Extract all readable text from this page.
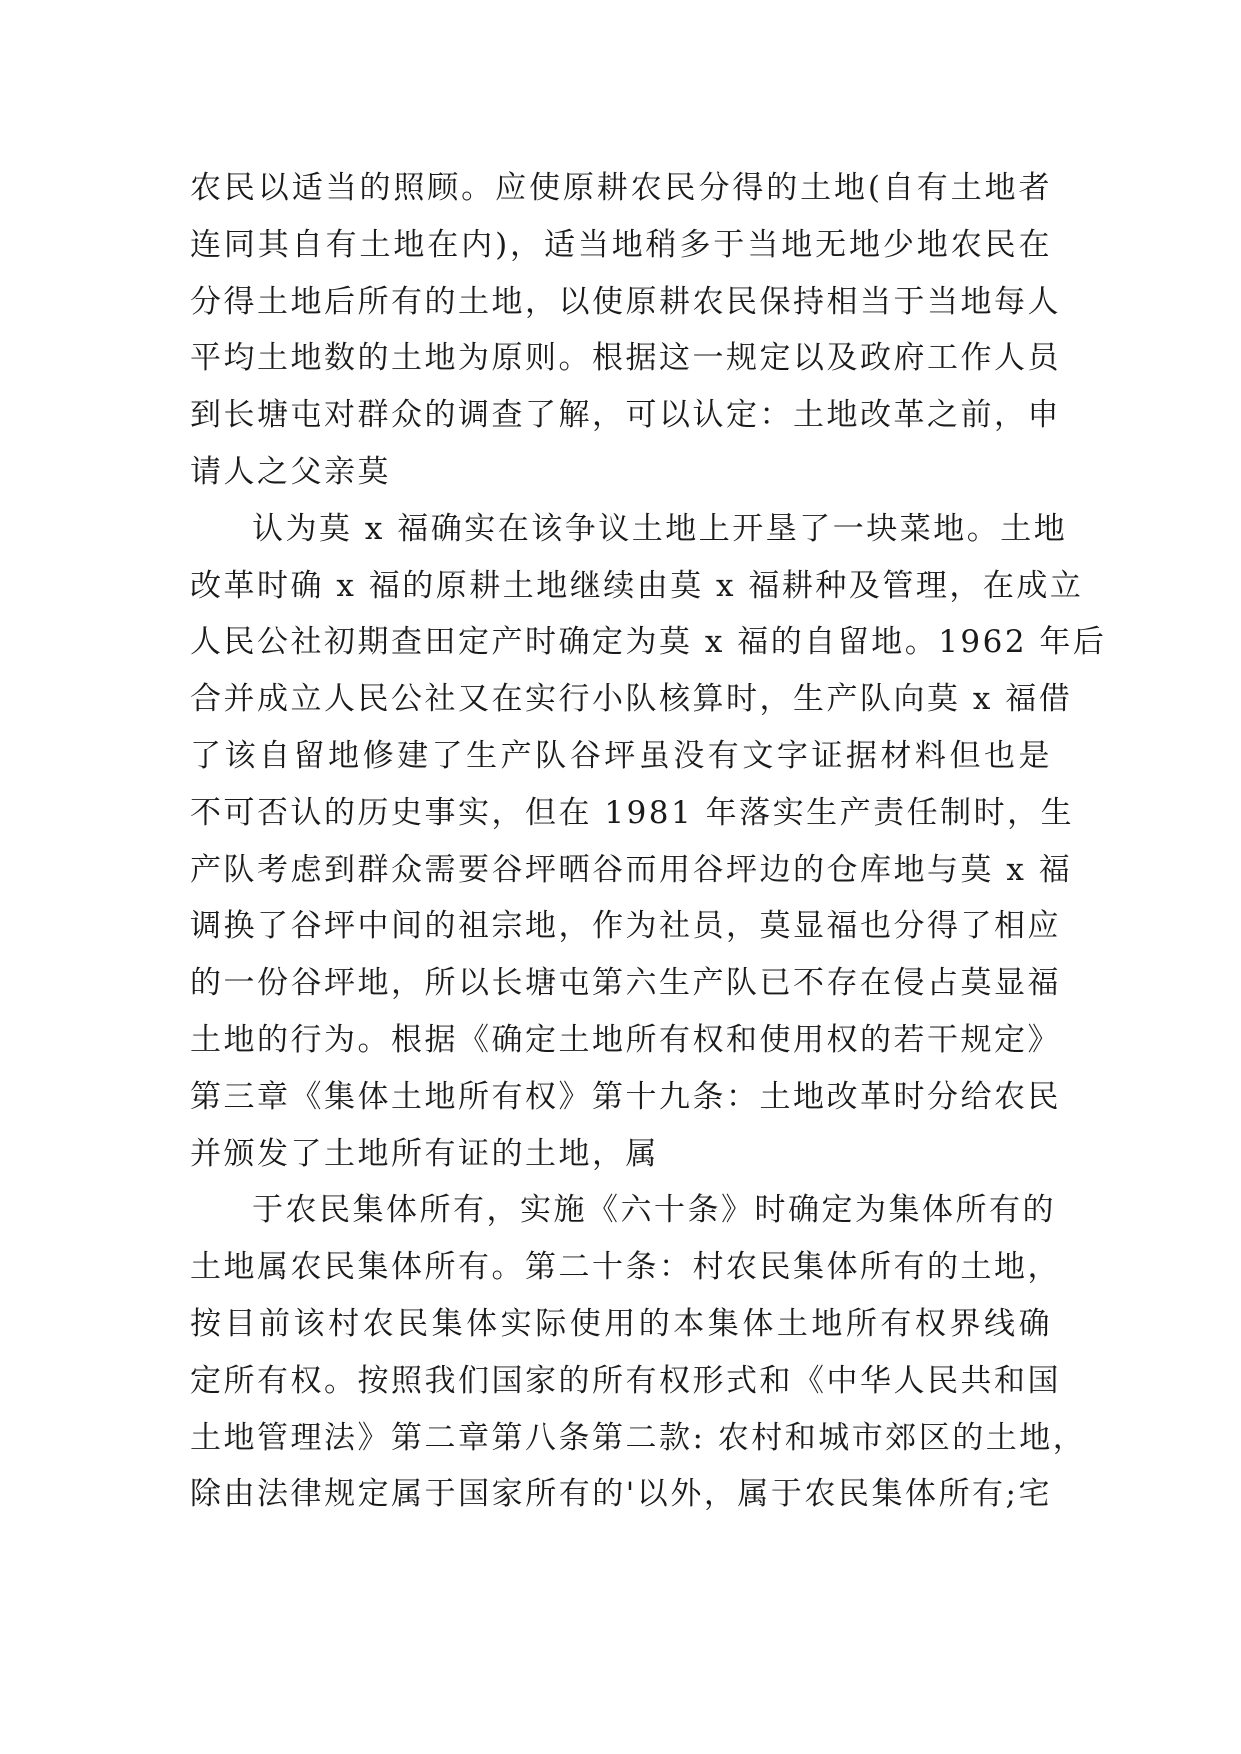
农民以适当的照顾。应使原耕农民分得的土地(自有土地者
连同其自有土地在内)，适当地稍多于当地无地少地农民在
分得土地后所有的土地，以使原耕农民保持相当于当地每人
平均土地数的土地为原则。根据这一规定以及政府工作人员
到长塘屯对群众的调查了解，可以认定：土地改革之前，申
请人之父亲莫
认为莫 x 福确实在该争议土地上开垦了一块菜地。土地
改革时确 x 福的原耕土地继续由莫 x 福耕种及管理，在成立
人民公社初期查田定产时确定为莫 x 福的自留地。1962 年后
合并成立人民公社又在实行小队核算时，生产队向莫 x 福借
了该自留地修建了生产队谷坪虽没有文字证据材料但也是
不可否认的历史事实，但在 1981 年落实生产责任制时，生
产队考虑到群众需要谷坪晒谷而用谷坪边的仓库地与莫 x 福
调换了谷坪中间的祖宗地，作为社员，莫显福也分得了相应
的一份谷坪地，所以长塘屯第六生产队已不存在侵占莫显福
土地的行为。根据《确定土地所有权和使用权的若干规定》
第三章《集体土地所有权》第十九条：土地改革时分给农民
并颁发了土地所有证的土地，属
于农民集体所有，实施《六十条》时确定为集体所有的
土地属农民集体所有。第二十条：村农民集体所有的土地，
按目前该村农民集体实际使用的本集体土地所有权界线确
定所有权。按照我们国家的所有权形式和《中华人民共和国
土地管理法》第二章第八条第二款: 农村和城市郊区的土地，
除由法律规定属于国家所有的'以外，属于农民集体所有;宅
